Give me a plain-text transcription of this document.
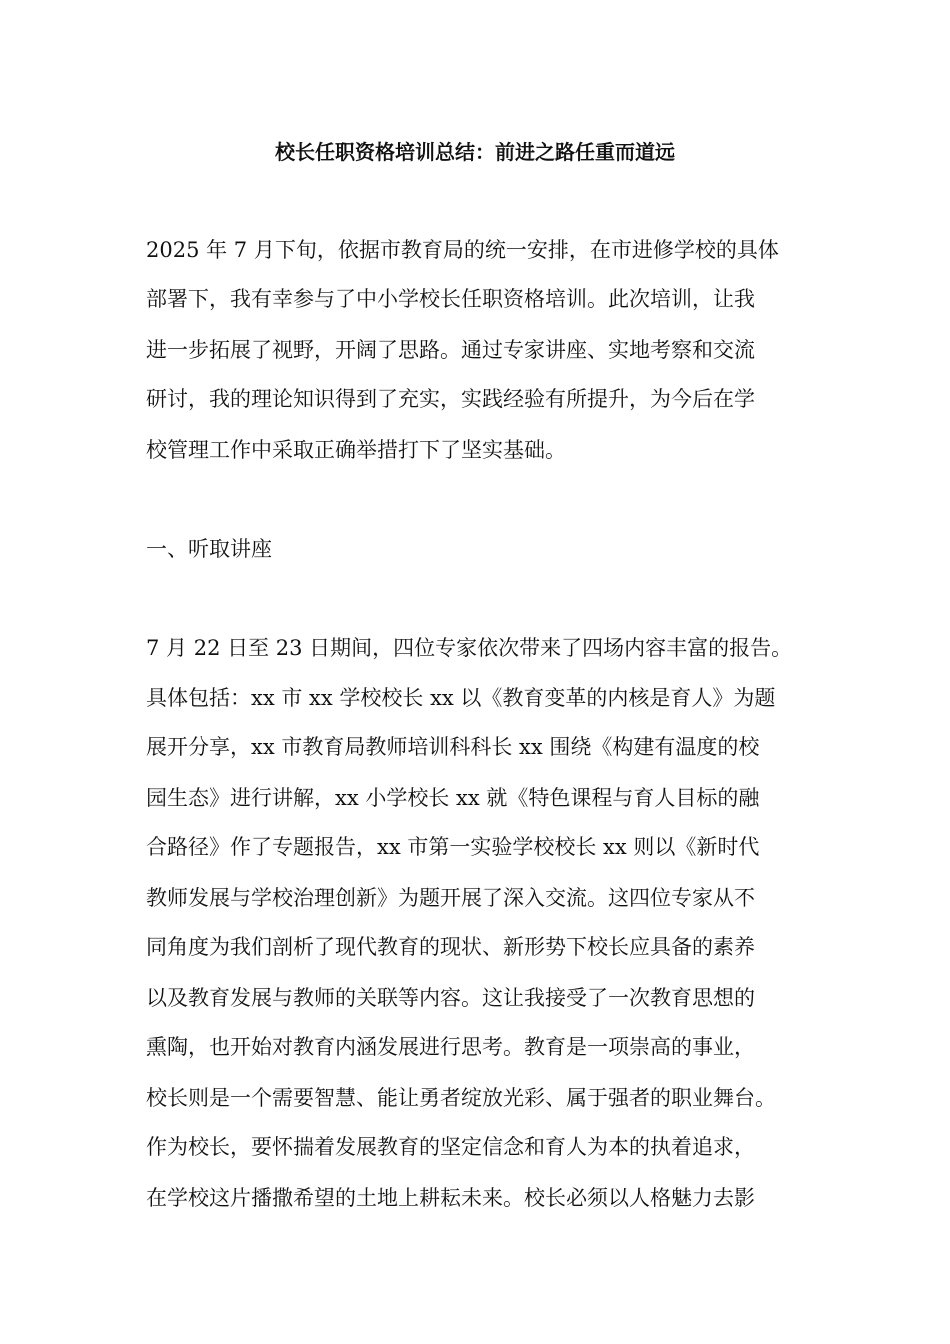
校长任职资格培训总结：前进之路任重而道远
2025 年 7 月下旬，依据市教育局的统一安排，在市进修学校的具体
部署下，我有幸参与了中小学校长任职资格培训。此次培训，让我
进一步拓展了视野，开阔了思路。通过专家讲座、实地考察和交流
研讨，我的理论知识得到了充实，实践经验有所提升，为今后在学
校管理工作中采取正确举措打下了坚实基础。
一、听取讲座
7 月 22 日至 23 日期间，四位专家依次带来了四场内容丰富的报告。
具体包括：xx 市 xx 学校校长 xx 以《教育变革的内核是育人》为题
展开分享，xx 市教育局教师培训科科长 xx 围绕《构建有温度的校
园生态》进行讲解，xx 小学校长 xx 就《特色课程与育人目标的融
合路径》作了专题报告，xx 市第一实验学校校长 xx 则以《新时代
教师发展与学校治理创新》为题开展了深入交流。这四位专家从不
同角度为我们剖析了现代教育的现状、新形势下校长应具备的素养
以及教育发展与教师的关联等内容。这让我接受了一次教育思想的
熏陶，也开始对教育内涵发展进行思考。教育是一项崇高的事业，
校长则是一个需要智慧、能让勇者绽放光彩、属于强者的职业舞台。
作为校长，要怀揣着发展教育的坚定信念和育人为本的执着追求，
在学校这片播撒希望的土地上耕耘未来。校长必须以人格魅力去影
